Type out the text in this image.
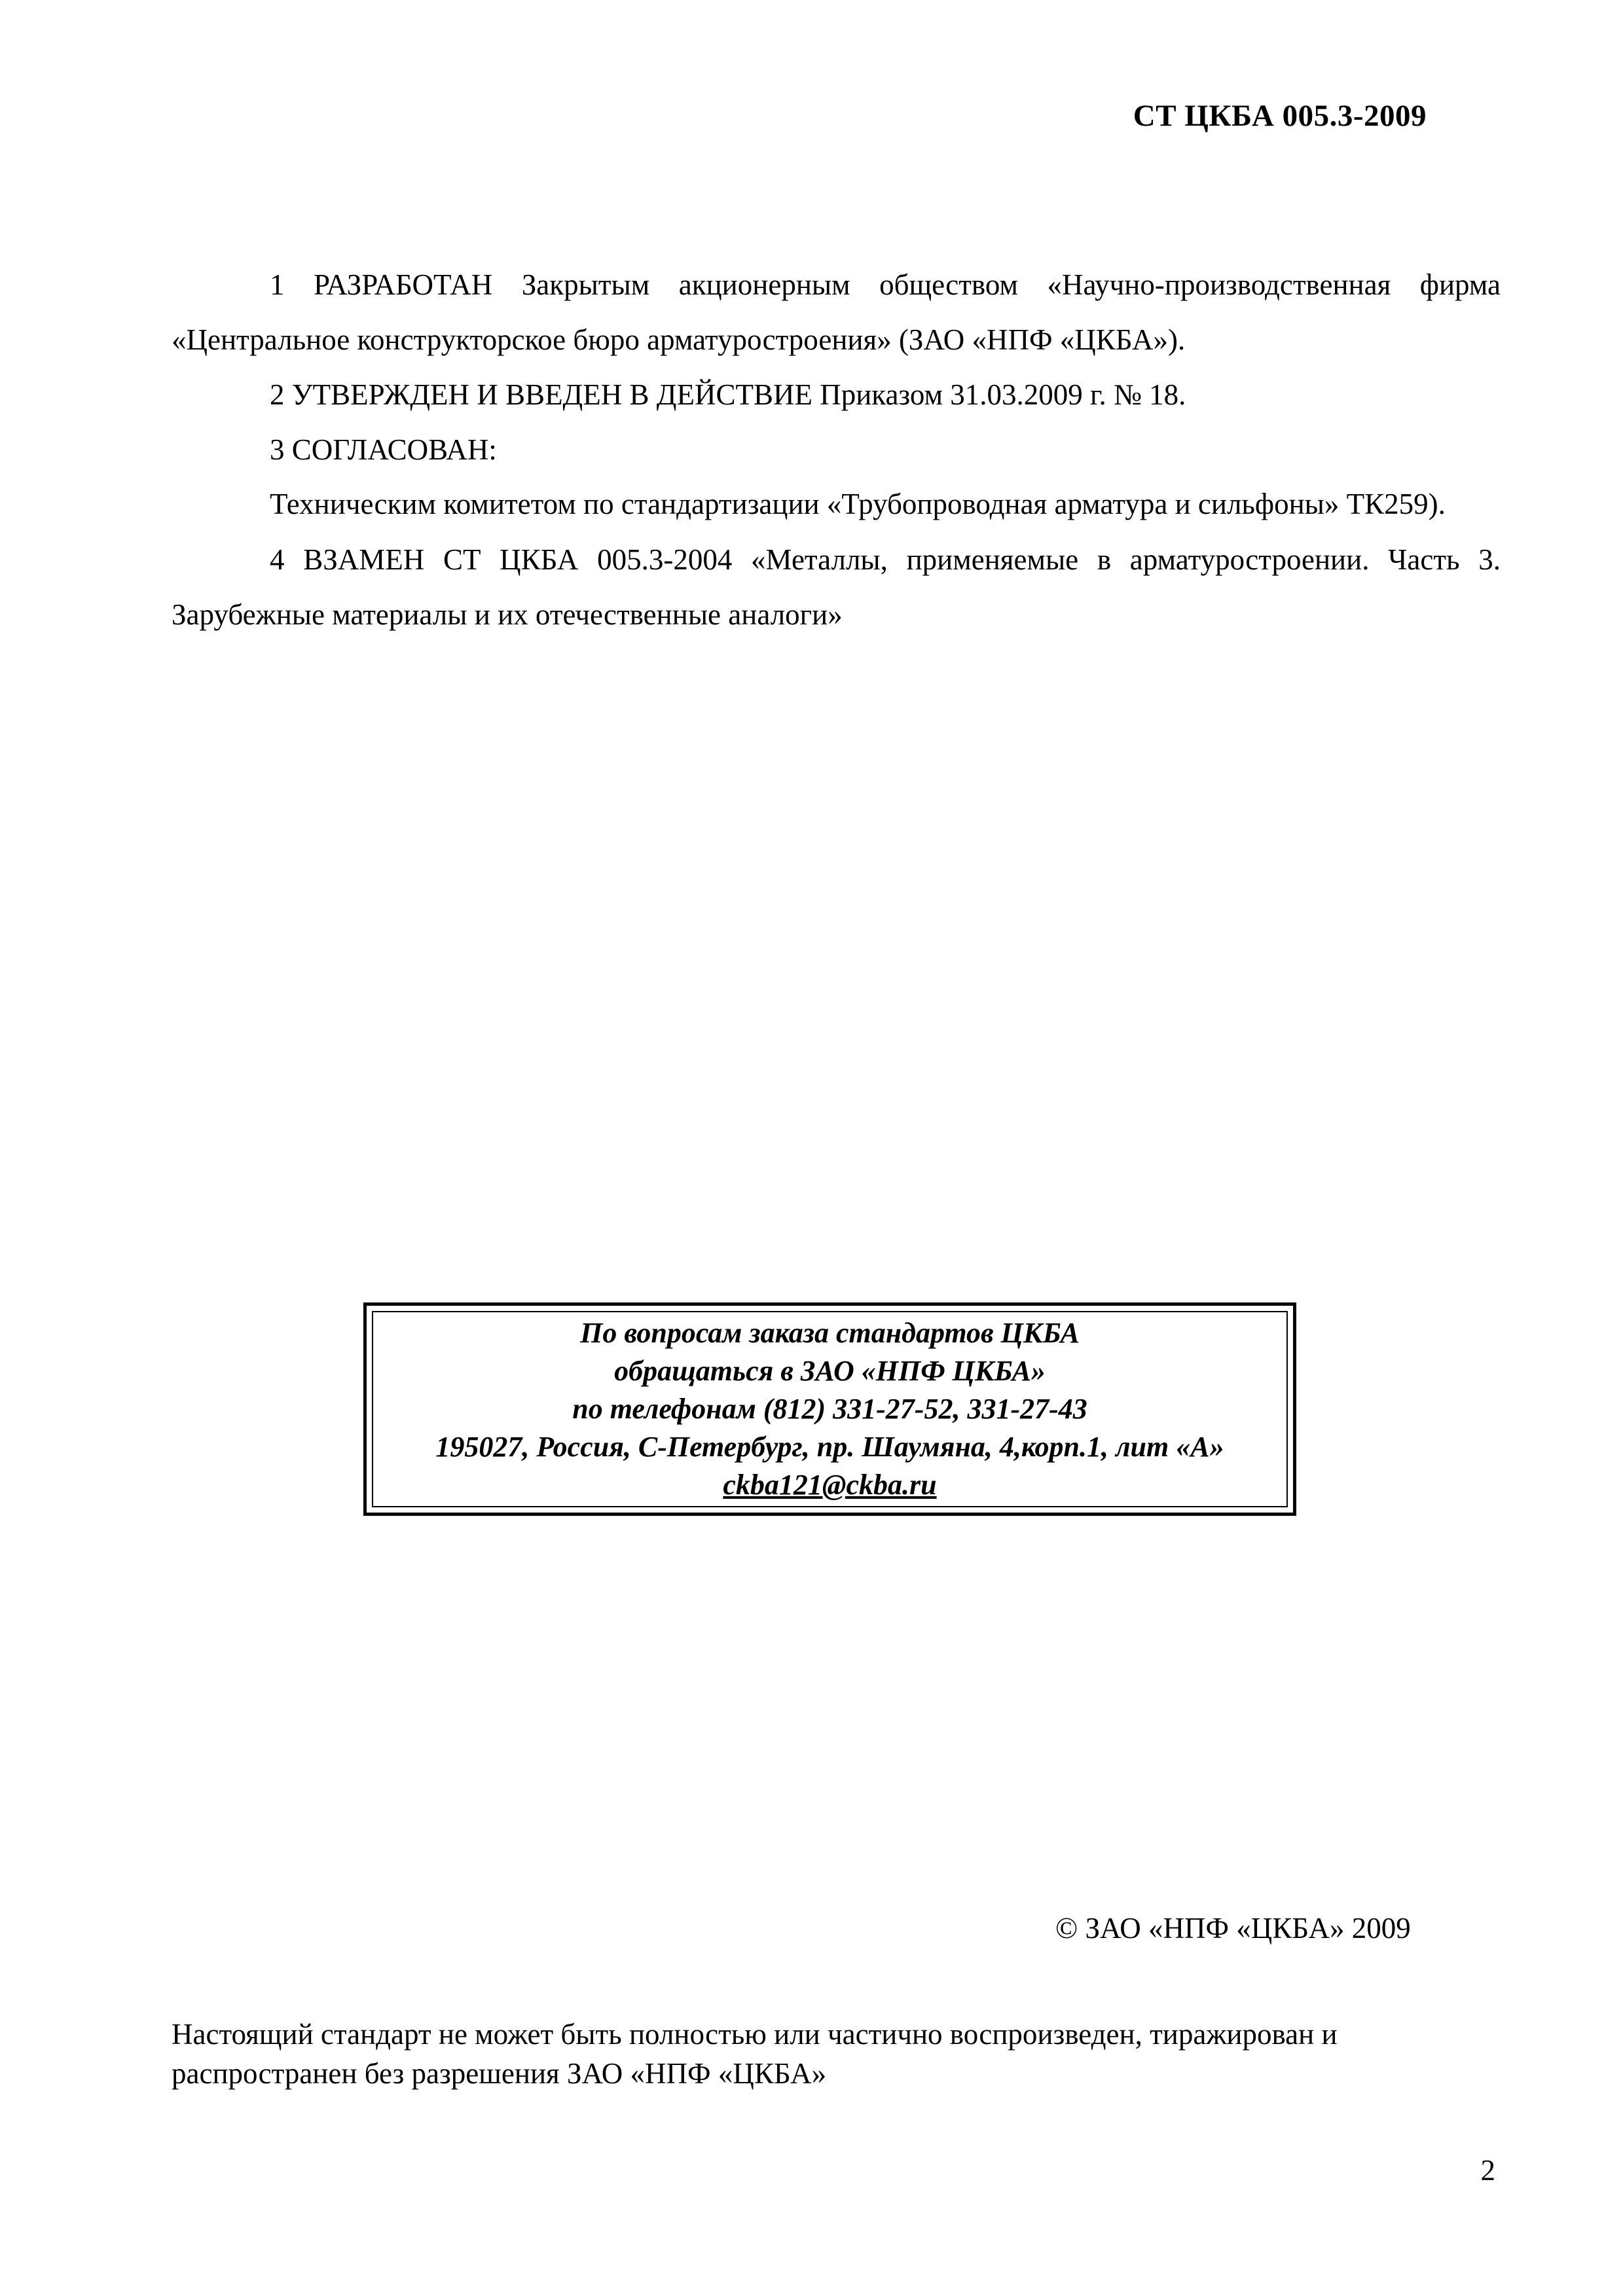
СТ ЦКБА 005.3-2009

1 РАЗРАБОТАН Закрытым акционерным обществом «Научно-производственная фирма «Центральное конструкторское бюро арматуростроения» (ЗАО «НПФ «ЦКБА»).

2 УТВЕРЖДЕН И ВВЕДЕН В ДЕЙСТВИЕ Приказом 31.03.2009 г. № 18.

3 СОГЛАСОВАН:

Техническим комитетом по стандартизации «Трубопроводная арматура и сильфоны» ТК259).

4 ВЗАМЕН СТ ЦКБА 005.3-2004 «Металлы, применяемые в арматуростроении. Часть 3. Зарубежные материалы и их отечественные аналоги»

По вопросам заказа стандартов ЦКБА
обращаться в ЗАО «НПФ ЦКБА»
по телефонам (812) 331-27-52, 331-27-43
195027, Россия, С-Петербург, пр. Шаумяна, 4,корп.1, лит «А»
ckba121@ckba.ru
© ЗАО «НПФ «ЦКБА» 2009

Настоящий стандарт не может быть полностью или частично воспроизведен, тиражирован и распространен без разрешения ЗАО «НПФ «ЦКБА»

2
